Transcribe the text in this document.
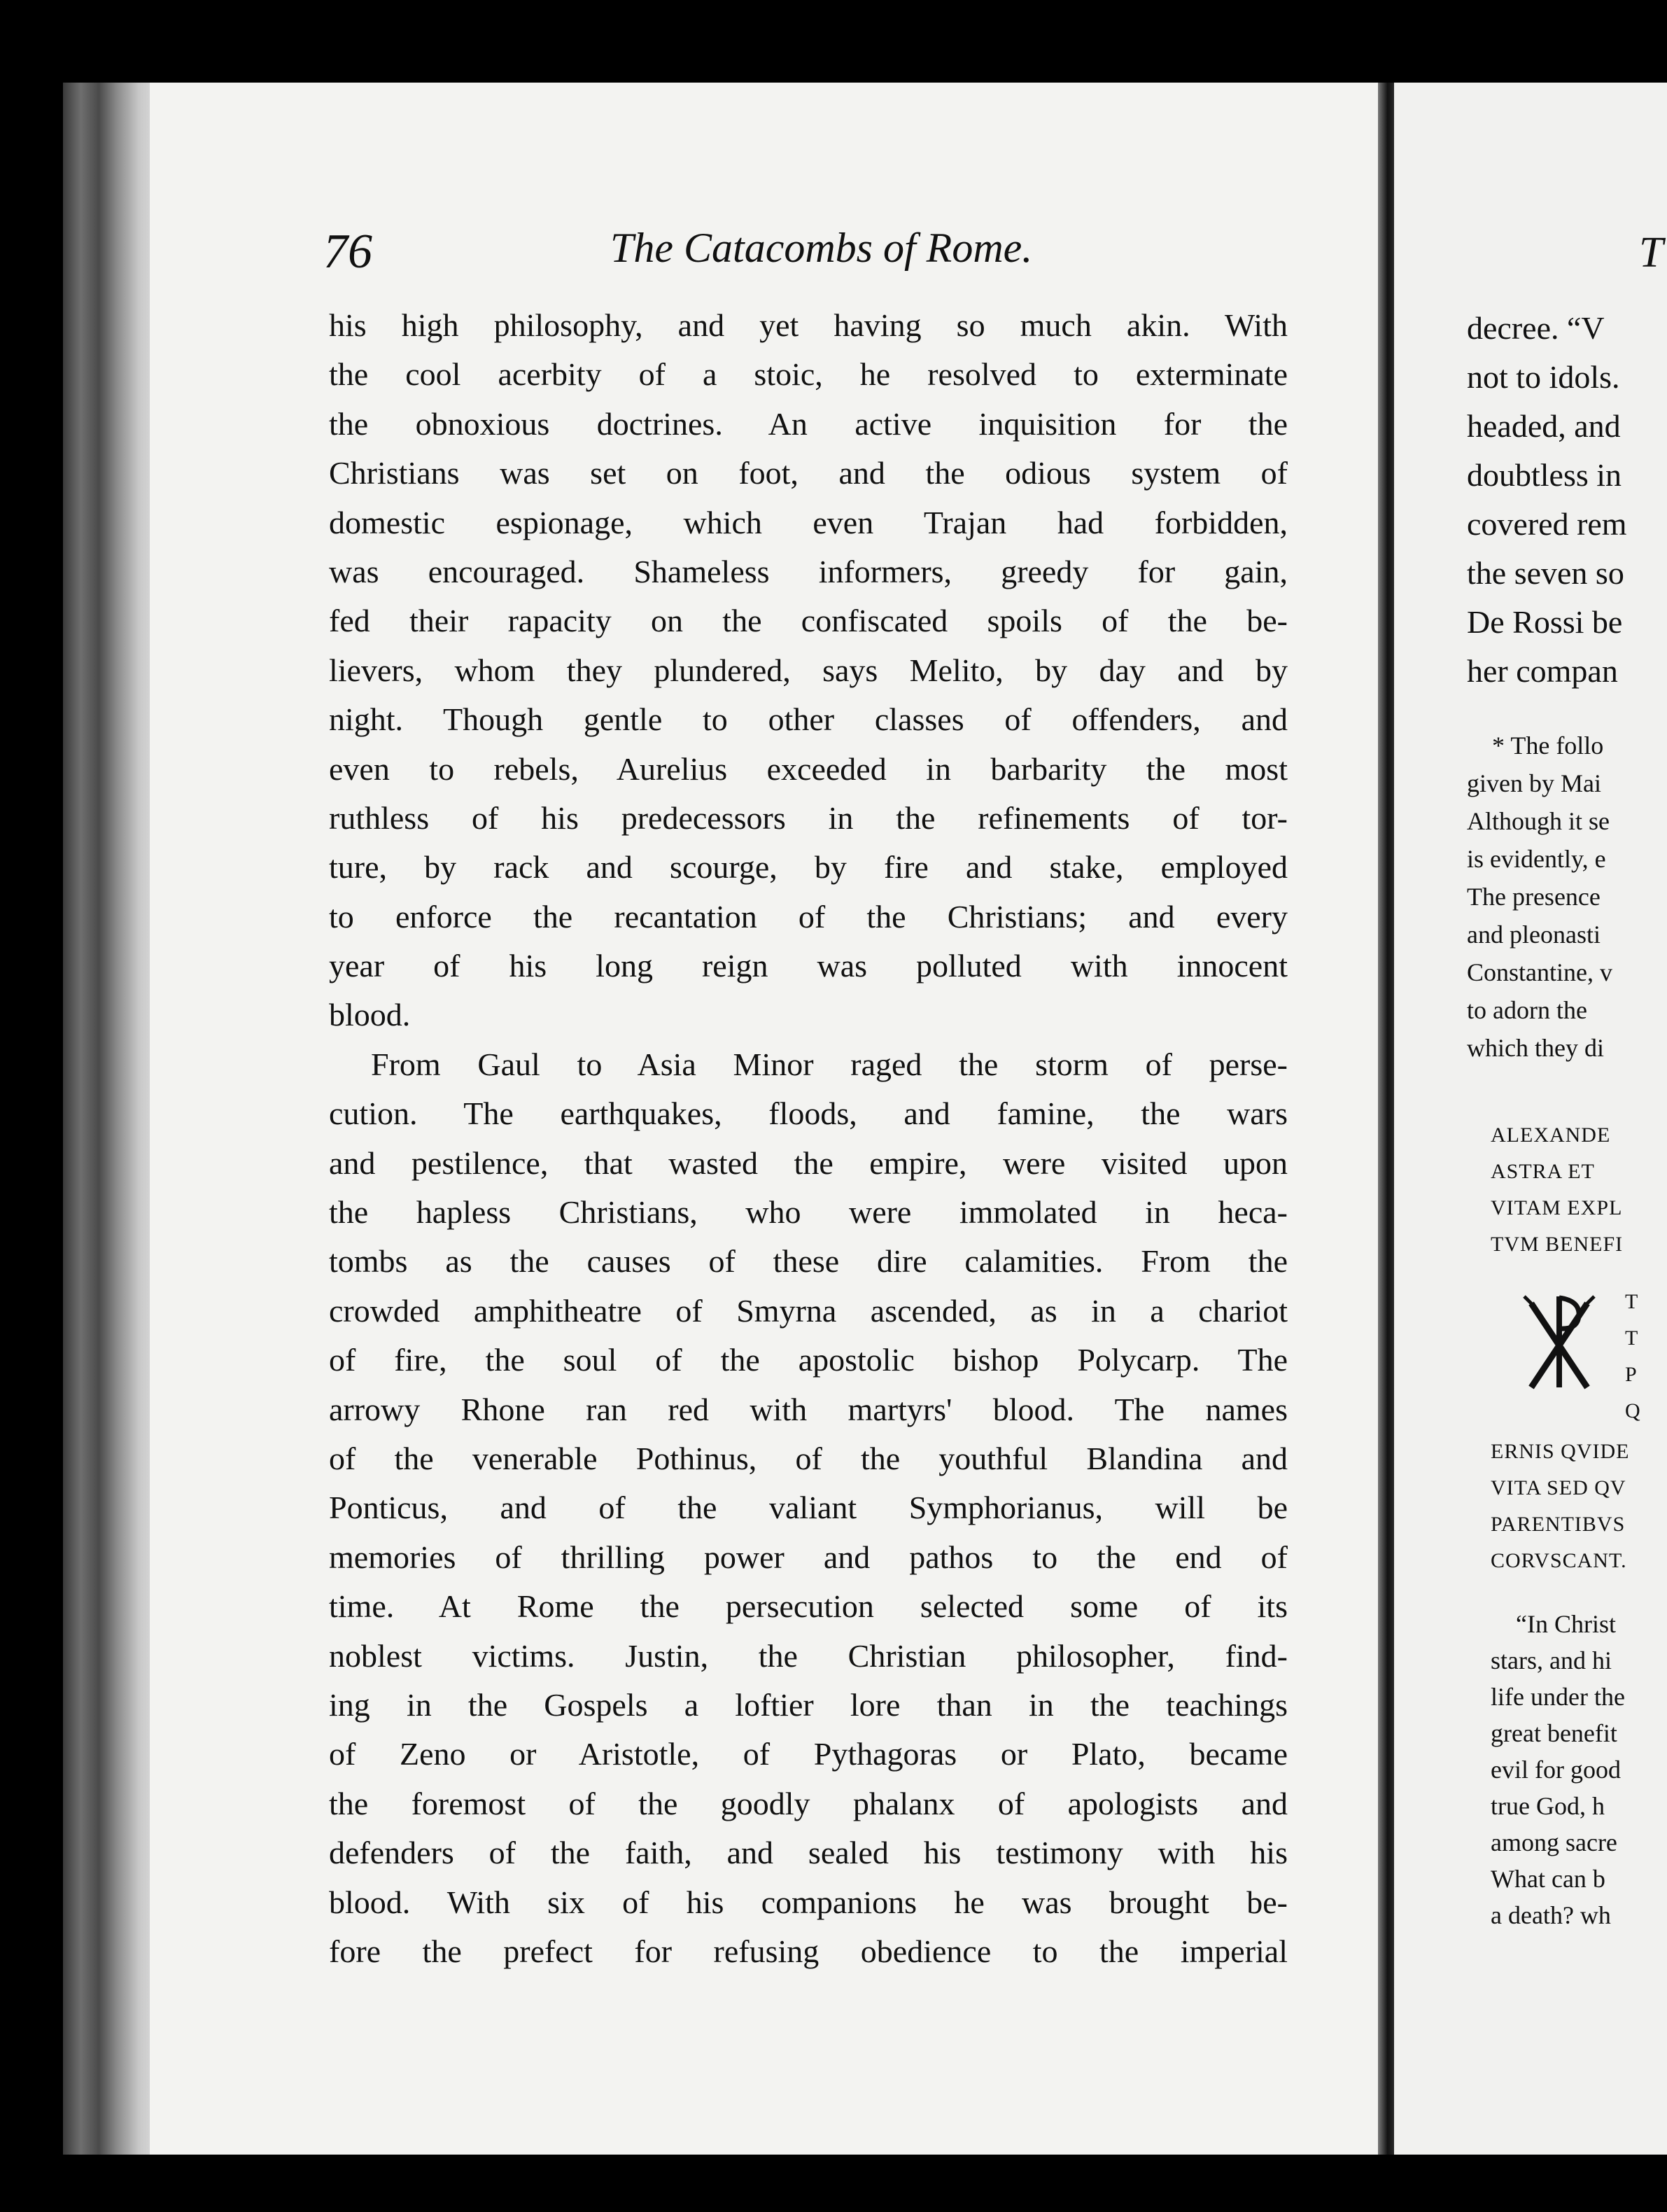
76	The Catacombs of Rome.
his high philosophy, and yet having so much akin. With
the cool acerbity of a stoic, he resolved to exterminate
the obnoxious doctrines. An active inquisition for the
Christians was set on foot, and the odious system of
domestic espionage, which even Trajan had forbidden,
was encouraged. Shameless informers, greedy for gain,
fed their rapacity on the confiscated spoils of the be-
lievers, whom they plundered, says Melito, by day and by
night. Though gentle to other classes of offenders, and
even to rebels, Aurelius exceeded in barbarity the most
ruthless of his predecessors in the refinements of tor-
ture, by rack and scourge, by fire and stake, employed
to enforce the recantation of the Christians; and every
year of his long reign was polluted with innocent
blood.
From Gaul to Asia Minor raged the storm of perse-
cution. The earthquakes, floods, and famine, the wars
and pestilence, that wasted the empire, were visited upon
the hapless Christians, who were immolated in heca-
tombs as the causes of these dire calamities. From the
crowded amphitheatre of Smyrna ascended, as in a chariot
of fire, the soul of the apostolic bishop Polycarp. The
arrowy Rhone ran red with martyrs' blood. The names
of the venerable Pothinus, of the youthful Blandina and
Ponticus, and of the valiant Symphorianus, will be
memories of thrilling power and pathos to the end of
time. At Rome the persecution selected some of its
noblest victims. Justin, the Christian philosopher, find-
ing in the Gospels a loftier lore than in the teachings
of Zeno or Aristotle, of Pythagoras or Plato, became
the foremost of the goodly phalanx of apologists and
defenders of the faith, and sealed his testimony with his
blood. With six of his companions he was brought be-
fore the prefect for refusing obedience to the imperial
T
decree. “V
not to idols.
headed, and
doubtless in
covered rem
the seven so
De Rossi be
her compan
* The follo
given by Mai
Although it se
is evidently, e
The presence
and pleonasti
Constantine, v
to adorn the
which they di
ALEXANDE
ASTRA ET
VITAM EXPL
TVM BENEFI
T
T
P
Q
ERNIS QVIDE
VITA SED QV
PARENTIBVS
CORVSCANT.
“In Christ
stars, and hi
life under the
great benefit
evil for good
true God, h
among sacre
What can b
a death? wh
